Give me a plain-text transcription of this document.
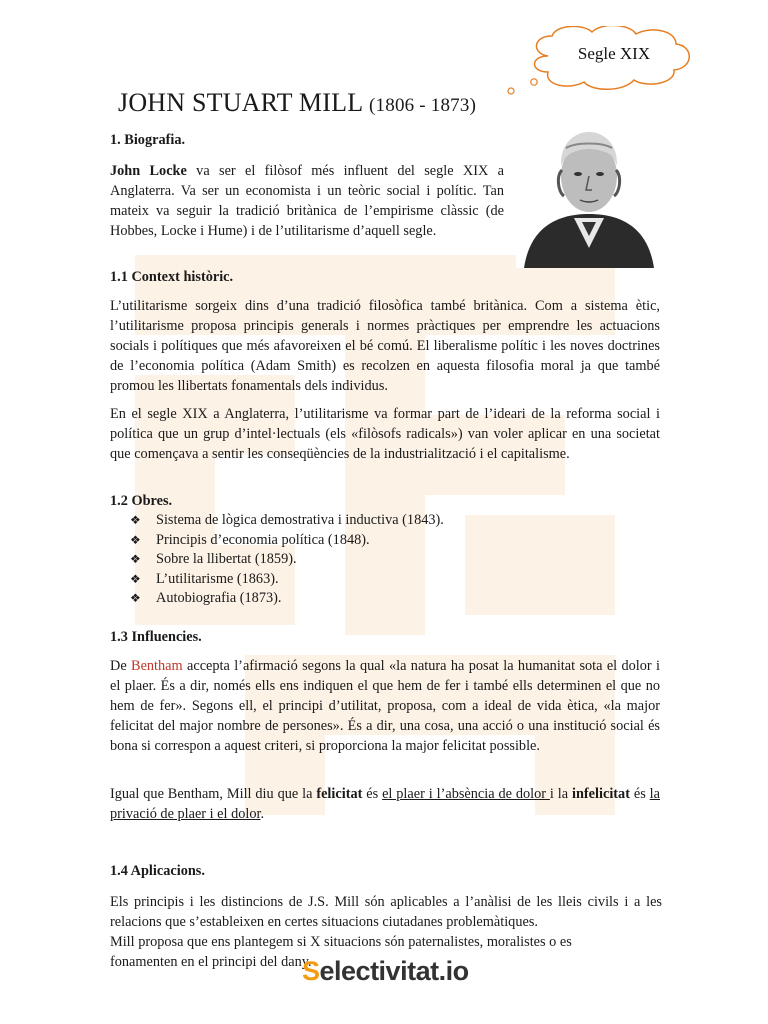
Segle XIX
JOHN STUART MILL (1806 - 1873)
1. Biografia.
John Locke va ser el filòsof més influent del segle XIX a Anglaterra. Va ser un economista i un teòric social i polític. Tan mateix va seguir la tradició britànica de l’empirisme clàssic (de Hobbes, Locke i Hume) i de l’utilitarisme d’aquell segle.
1.1 Context històric.
L’utilitarisme sorgeix dins d’una tradició filosòfica també britànica. Com a sistema ètic, l’utilitarisme proposa principis generals i normes pràctiques per emprendre les actuacions socials i polítiques que més afavoreixen el bé comú. El liberalisme polític i les noves doctrines de l’economia política (Adam Smith) es recolzen en aquesta filosofia moral ja que també promou les llibertats fonamentals dels individus.
En el segle XIX a Anglaterra, l’utilitarisme va formar part de l’ideari de la reforma social i política que un grup d’intel·lectuals (els «filòsofs radicals») van voler aplicar en una societat que començava a sentir les conseqüències de la industrialització i el capitalisme.
1.2 Obres.
❖ Sistema de lògica demostrativa i inductiva (1843).
❖ Principis d’economia política (1848).
❖ Sobre la llibertat (1859).
❖ L’utilitarisme (1863).
❖ Autobiografia (1873).
1.3 Influencies.
De Bentham accepta l’afirmació segons la qual «la natura ha posat la humanitat sota el dolor i el plaer. És a dir, només ells ens indiquen el que hem de fer i també ells determinen el que no hem de fer». Segons ell, el principi d’utilitat, proposa, com a ideal de vida ètica, «la major felicitat del major nombre de persones». És a dir, una cosa, una acció o una institució social és bona si correspon a aquest criteri, si proporciona la major felicitat possible.
Igual que Bentham, Mill diu que la felicitat és el plaer i l’absència de dolor i la infelicitat és la privació de plaer i el dolor.
1.4 Aplicacions.
Els principis i les distincions de J.S. Mill són aplicables a l’anàlisi de les lleis civils i a les relacions que s’estableixen en certes situacions ciutadanes problemàtiques.
Mill proposa que ens plantegem si X situacions són paternalistes, moralistes o es fonamenten en el principi del dany.
Selectivitat.io
